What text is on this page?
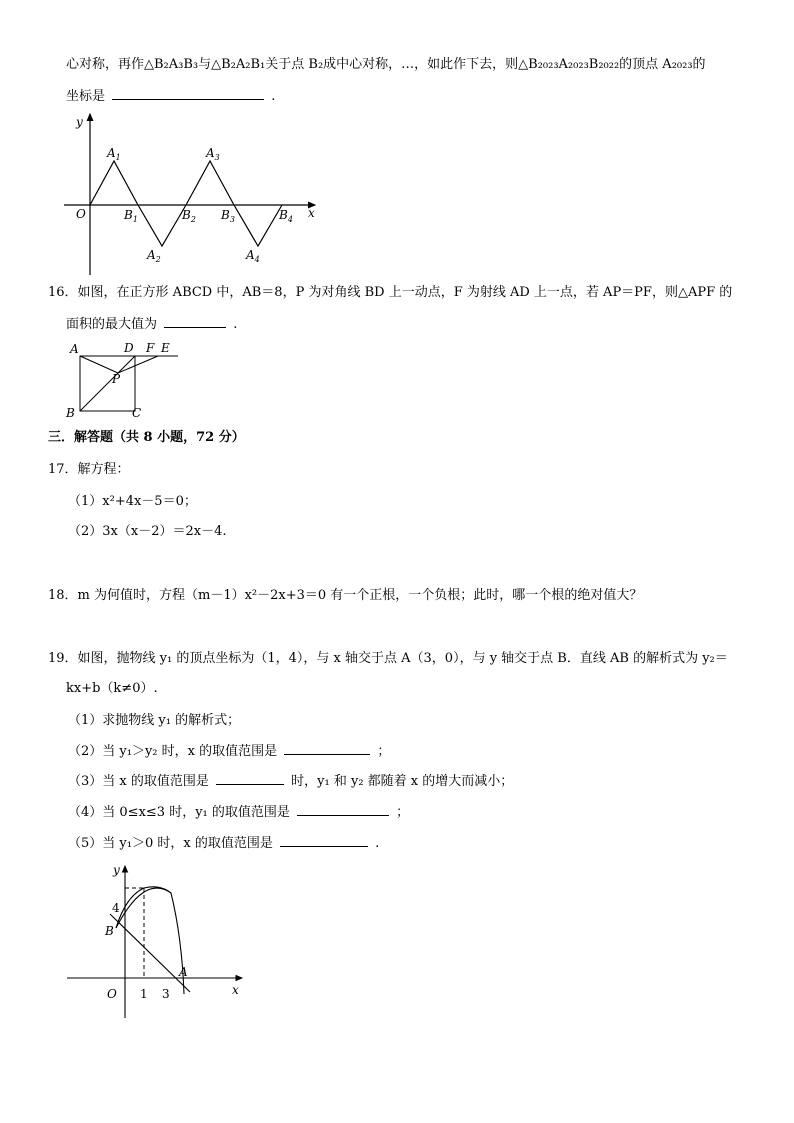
心对称，再作△B₂A₃B₃与△B₂A₂B₁关于点 B₂成中心对称，…，如此作下去，则△B₂₀₂₃A₂₀₂₃B₂₀₂₂的顶点 A₂₀₂₃的
坐标是	.
y
x
O
$A_1$	$A_3$
$A_2$	$A_4$
$B_1$	$B_2$ $B_3$	$B_4$
16．如图，在正方形 ABCD 中，AB＝8，P 为对角线 BD 上一动点，F 为射线 AD 上一点，若 AP＝PF，则△APF 的
面积的最大值为	.
A	D F E
P
B	C
三．解答题（共 8 小题，72 分）
17．解方程：
（1）x²+4x－5＝0；
（2）3x（x－2）＝2x－4.
18．m 为何值时，方程（m－1）x²－2x+3＝0 有一个正根，一个负根；此时，哪一个根的绝对值大？
19．如图，抛物线 y₁ 的顶点坐标为（1，4），与 x 轴交于点 A（3，0），与 y 轴交于点 B．直线 AB 的解析式为 y₂＝
kx+b（k≠0）.
（1）求抛物线 y₁ 的解析式；
（2）当 y₁＞y₂ 时，x 的取值范围是	；
（3）当 x 的取值范围是	时，y₁ 和 y₂ 都随着 x 的增大而减小；
（4）当 0≤x≤3 时，y₁ 的取值范围是	；
（5）当 y₁＞0 时，x 的取值范围是	.
y
x
O
4
B
A
1 3
